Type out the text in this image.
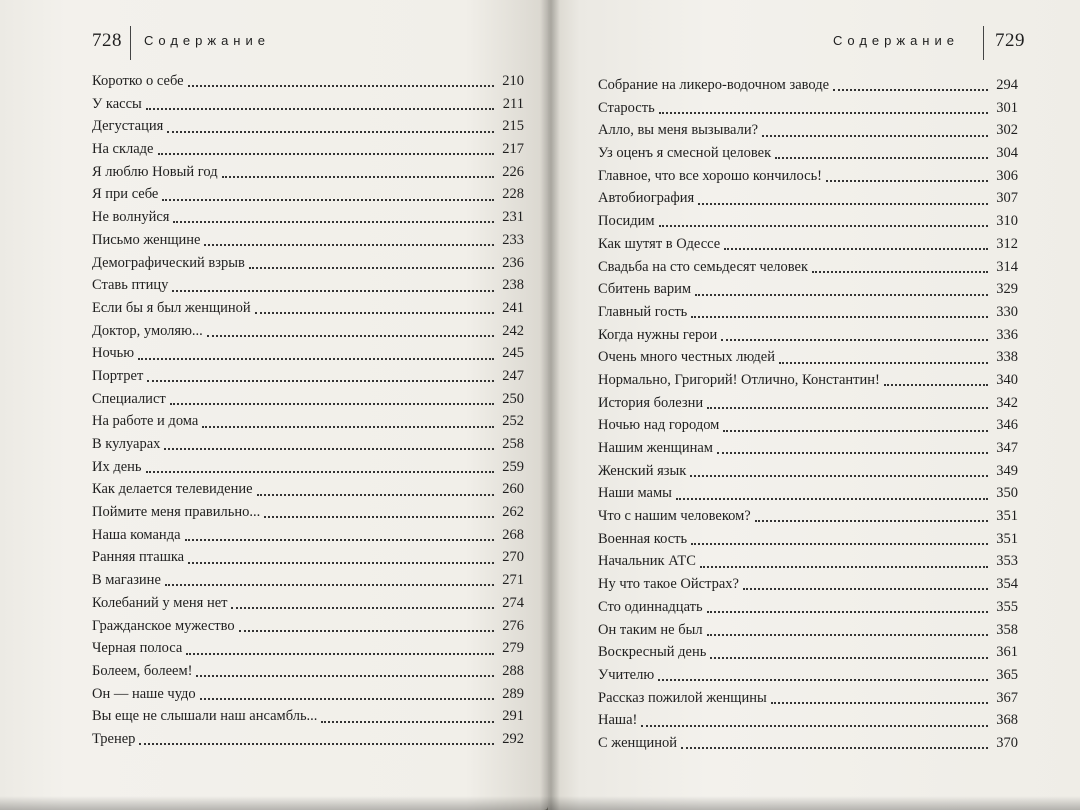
728 Содержание
Коротко о себе	210
У кассы	211
Дегустация	215
На складе	217
Я люблю Новый год	226
Я при себе	228
Не волнуйся	231
Письмо женщине	233
Демографический взрыв	236
Ставь птицу	238
Если бы я был женщиной	241
Доктор, умоляю...	242
Ночью	245
Портрет	247
Специалист	250
На работе и дома	252
В кулуарах	258
Их день	259
Как делается телевидение	260
Поймите меня правильно...	262
Наша команда	268
Ранняя пташка	270
В магазине	271
Колебаний у меня нет	274
Гражданское мужество	276
Черная полоса	279
Болеем, болеем!	288
Он — наше чудо	289
Вы еще не слышали наш ансамбль...	291
Тренер	292
Содержание 729
Собрание на ликеро-водочном заводе	294
Старость	301
Алло, вы меня вызывали?	302
Уз оценъ я смесной целовек	304
Главное, что все хорошо кончилось!	306
Автобиография	307
Посидим	310
Как шутят в Одессе	312
Свадьба на сто семьдесят человек	314
Сбитень варим	329
Главный гость	330
Когда нужны герои	336
Очень много честных людей	338
Нормально, Григорий! Отлично, Константин!	340
История болезни	342
Ночью над городом	346
Нашим женщинам	347
Женский язык	349
Наши мамы	350
Что с нашим человеком?	351
Военная кость	351
Начальник АТС	353
Ну что такое Ойстрах?	354
Сто одиннадцать	355
Он таким не был	358
Воскресный день	361
Учителю	365
Рассказ пожилой женщины	367
Наша!	368
С женщиной	370
